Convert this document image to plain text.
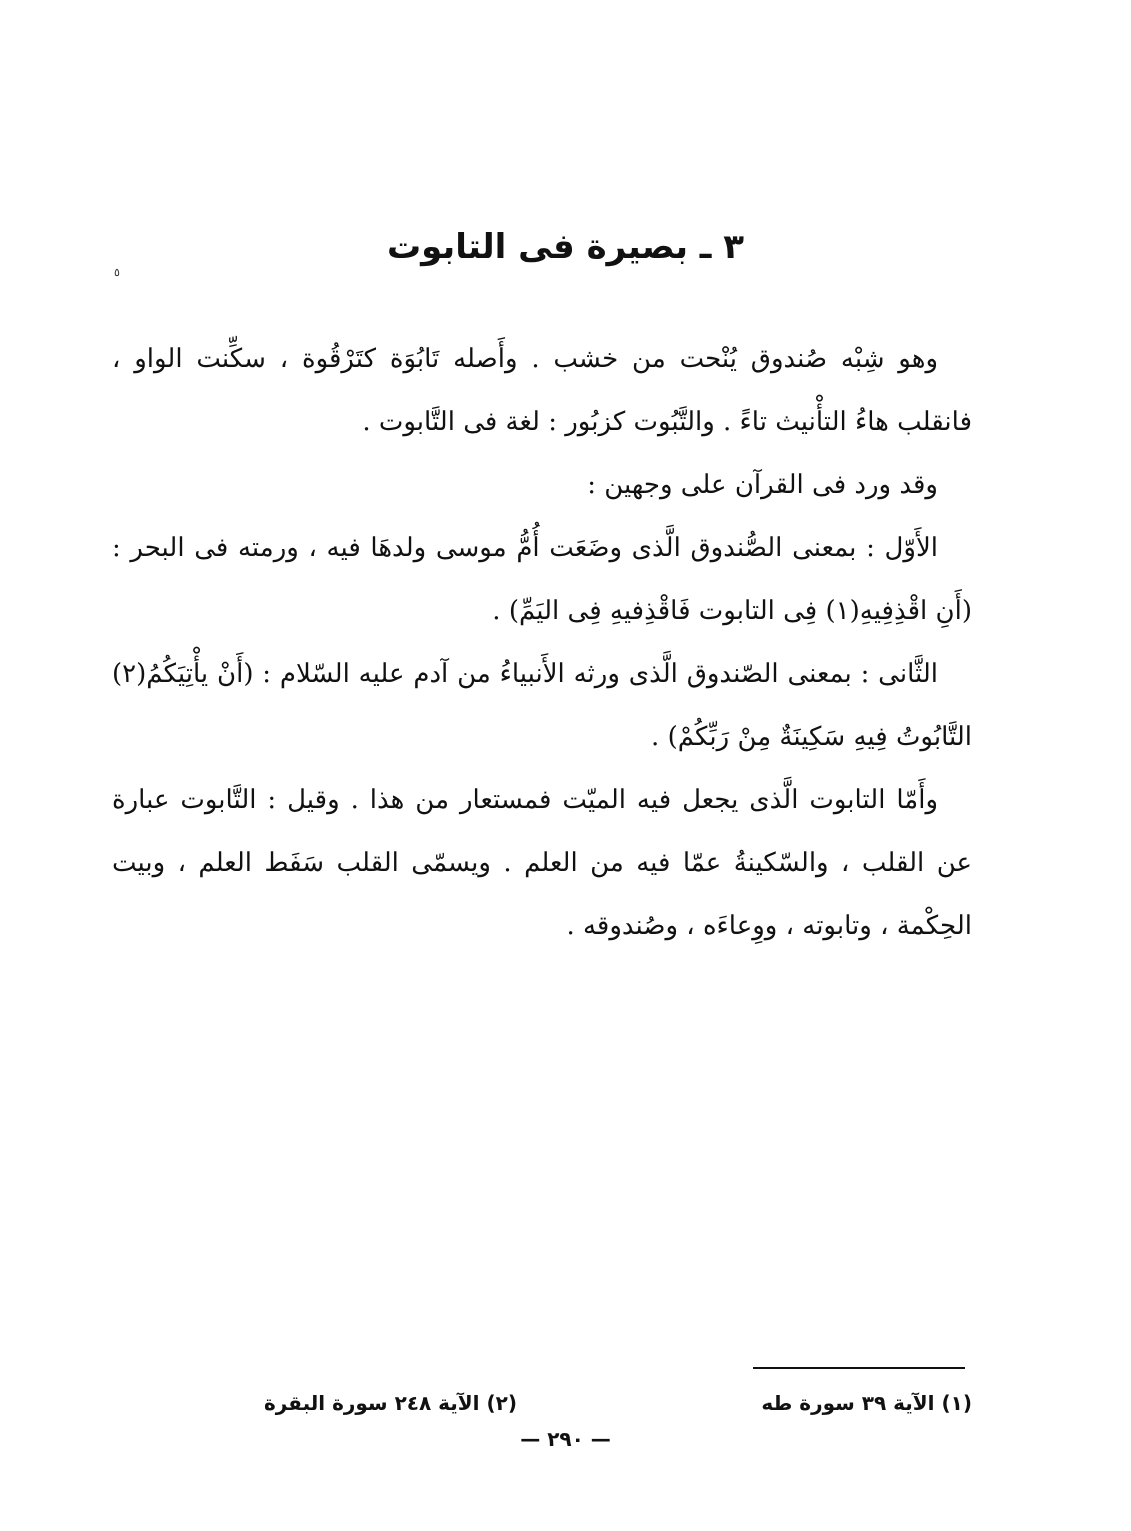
٣ ـ بصيرة فى التابوت
٥

وهو شِبْه صُندوق يُنْحت من خشب . وأَصله تَابُوَة كتَرْقُوة ، سكِّنت الواو ، فانقلب هاءُ التأْنيث تاءً . والتَّبُوت كزبُور : لغة فى التَّابوت .

وقد ورد فى القرآن على وجهين :

الأَوّل : بمعنى الصُّندوق الَّذى وضَعَت أُمُّ موسى ولدهَا فيه ، ورمته فى البحر : (أَنِ اقْذِفِيهِ(١) فِى التابوت فَاقْذِفيهِ فِى اليَمِّ) .

الثَّانى : بمعنى الصّندوق الَّذى ورثه الأَنبياءُ من آدم عليه السّلام : (أَنْ يأْتِيَكُمُ(٢) التَّابُوتُ فِيهِ سَكِينَةٌ مِنْ رَبِّكُمْ) .

وأَمّا التابوت الَّذى يجعل فيه الميّت فمستعار من هذا . وقيل : التَّابوت عبارة عن القلب ، والسّكينةُ عمّا فيه من العلم . ويسمّى القلب سَفَط العلم ، وبيت الحِكْمة ، وتابوته ، ووِعاءَه ، وصُندوقه .

(١) الآية ٣٩ سورة طه
(٢) الآية ٢٤٨ سورة البقرة
— ٢٩٠ —
